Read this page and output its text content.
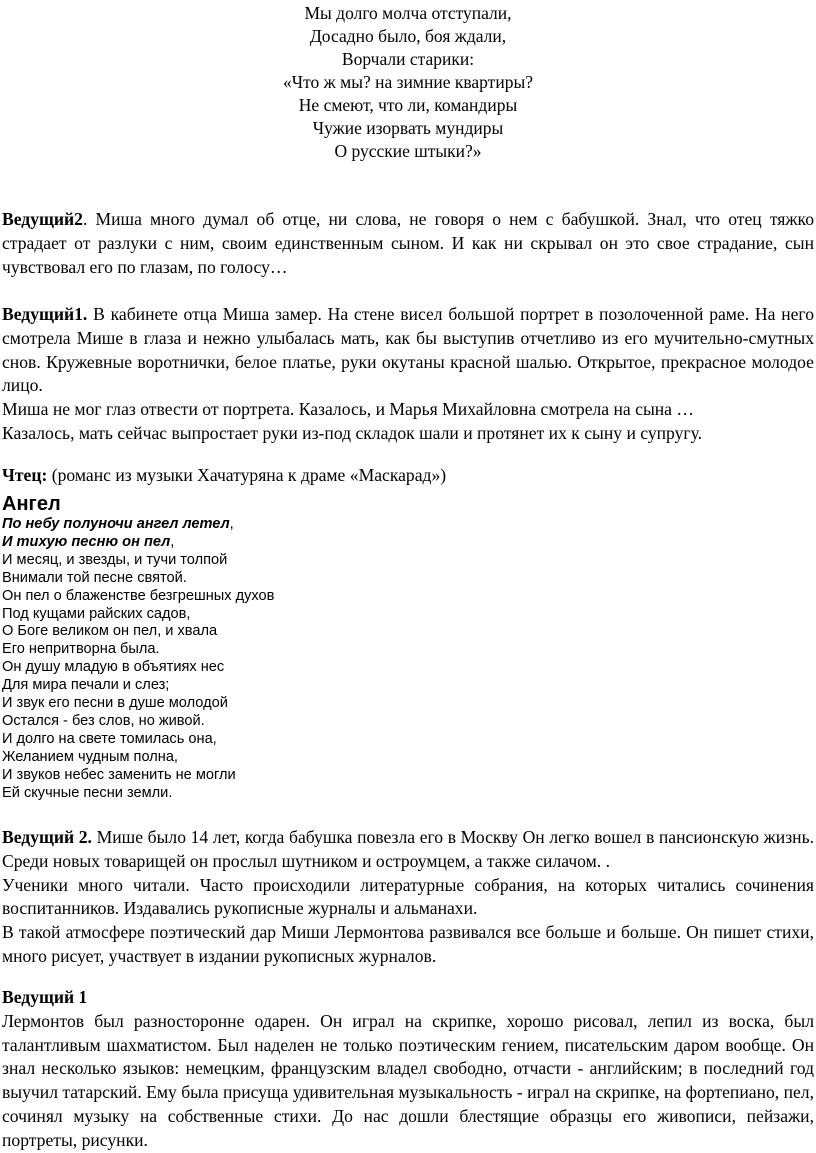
Мы долго молча отступали,
Досадно было, боя ждали,
Ворчали старики:
«Что ж мы? на зимние квартиры?
Не смеют, что ли, командиры
Чужие изорвать мундиры
О русские штыки?»

Ведущий2. Миша много думал об отце, ни слова, не говоря о нем с бабушкой. Знал, что отец тяжко страдает от разлуки с ним, своим единственным сыном. И как ни скрывал он это свое страдание, сын чувствовал его по глазам, по голосу…

Ведущий1. В кабинете отца Миша замер. На стене висел большой портрет в позолоченной раме. На него смотрела Мише в глаза и нежно улыбалась мать, как бы выступив отчетливо из его мучительно-смутных снов. Кружевные воротнички, белое платье, руки окутаны красной шалью. Открытое, прекрасное молодое лицо.

Миша не мог глаз отвести от портрета. Казалось, и Марья Михайловна смотрела на сына …

Казалось, мать сейчас выпростает руки из-под складок шали и протянет их к сыну и супругу.

Чтец: (романс из музыки Хачатуряна к драме «Маскарад»)

Ангел
По небу полуночи ангел летел,
И тихую песню он пел,
И месяц, и звезды, и тучи толпой
Внимали той песне святой.
Он пел о блаженстве безгрешных духов
Под кущами райских садов,
О Боге великом он пел, и хвала
Его непритворна была.
Он душу младую в объятиях нес
Для мира печали и слез;
И звук его песни в душе молодой
Остался - без слов, но живой.
И долго на свете томилась она,
Желанием чудным полна,
И звуков небес заменить не могли
Ей скучные песни земли.

Ведущий 2. Мише было 14 лет, когда бабушка повезла его в Москву Он легко вошел в пансионскую жизнь. Среди новых товарищей он прослыл шутником и остроумцем, а также силачом. .

Ученики много читали. Часто происходили литературные собрания, на которых читались сочинения воспитанников. Издавались рукописные журналы и альманахи.

В такой атмосфере поэтический дар Миши Лермонтова развивался все больше и больше. Он пишет стихи, много рисует, участвует в издании рукописных журналов.

Ведущий 1

Лермонтов был разносторонне одарен. Он играл на скрипке, хорошо рисовал, лепил из воска, был талантливым шахматистом. Был наделен не только поэтическим гением, писательским даром вообще. Он знал несколько языков: немецким, французским владел свободно, отчасти - английским; в последний год выучил татарский. Ему была присуща удивительная музыкальность - играл на скрипке, на фортепиано, пел, сочинял музыку на собственные стихи. До нас дошли блестящие образцы его живописи, пейзажи, портреты, рисунки.
